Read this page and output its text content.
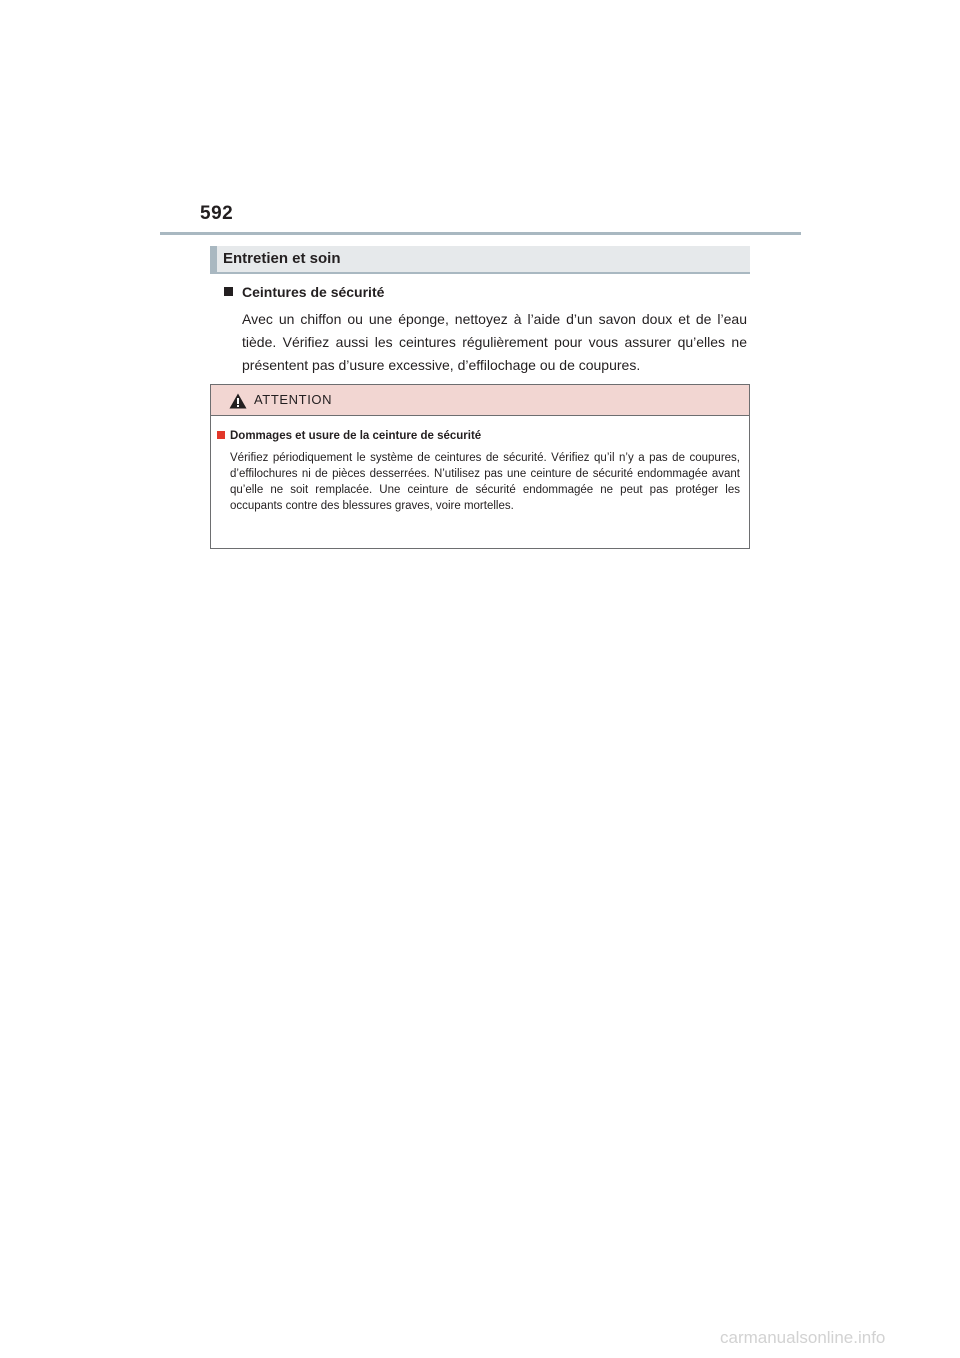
592
Entretien et soin
Ceintures de sécurité
Avec un chiffon ou une éponge, nettoyez à l’aide d’un savon doux et de l’eau tiède. Vérifiez aussi les ceintures régulièrement pour vous assurer qu’elles ne présentent pas d’usure excessive, d’effilochage ou de coupures.
ATTENTION
Dommages et usure de la ceinture de sécurité
Vérifiez périodiquement le système de ceintures de sécurité. Vérifiez qu’il n’y a pas de coupures, d’effilochures ni de pièces desserrées. N’utilisez pas une ceinture de sécurité endommagée avant qu’elle ne soit remplacée. Une ceinture de sécurité endommagée ne peut pas protéger les occupants contre des blessures graves, voire mortelles.
carmanualsonline.info
